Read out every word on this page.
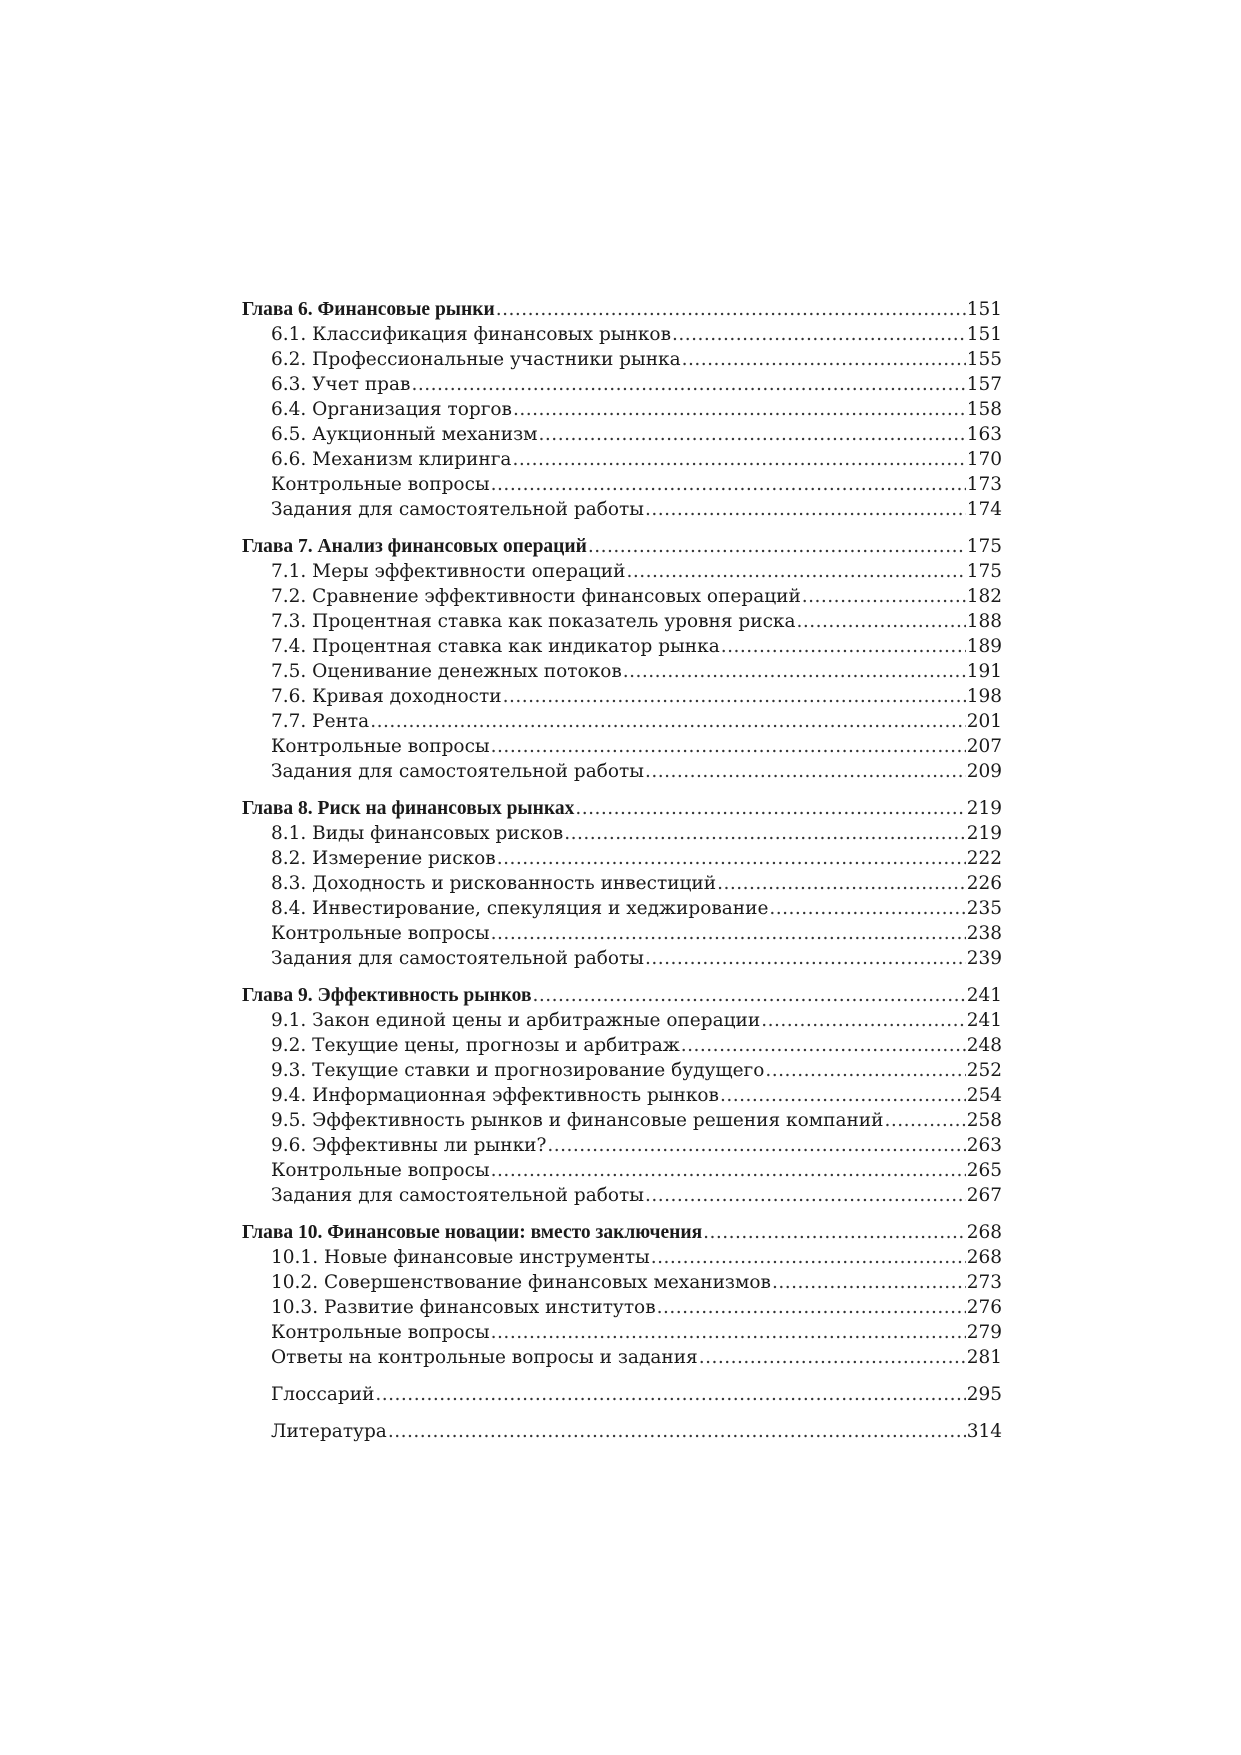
Глава 6. Финансовые рынки .....	151
6.1. Классификация финансовых рынков .....	151
6.2. Профессиональные участники рынка .....	155
6.3. Учет прав .....	157
6.4. Организация торгов .....	158
6.5. Аукционный механизм .....	163
6.6. Механизм клиринга .....	170
Контрольные вопросы .....	173
Задания для самостоятельной работы .....	174
Глава 7. Анализ финансовых операций .....	175
7.1. Меры эффективности операций .....	175
7.2. Сравнение эффективности финансовых операций .....	182
7.3. Процентная ставка как показатель уровня риска .....	188
7.4. Процентная ставка как индикатор рынка .....	189
7.5. Оценивание денежных потоков .....	191
7.6. Кривая доходности .....	198
7.7. Рента .....	201
Контрольные вопросы .....	207
Задания для самостоятельной работы .....	209
Глава 8. Риск на финансовых рынках .....	219
8.1. Виды финансовых рисков .....	219
8.2. Измерение рисков .....	222
8.3. Доходность и рискованность инвестиций .....	226
8.4. Инвестирование, спекуляция и хеджирование .....	235
Контрольные вопросы .....	238
Задания для самостоятельной работы .....	239
Глава 9. Эффективность рынков .....	241
9.1. Закон единой цены и арбитражные операции .....	241
9.2. Текущие цены, прогнозы и арбитраж .....	248
9.3. Текущие ставки и прогнозирование будущего .....	252
9.4. Информационная эффективность рынков .....	254
9.5. Эффективность рынков и финансовые решения компаний .....	258
9.6. Эффективны ли рынки? .....	263
Контрольные вопросы .....	265
Задания для самостоятельной работы .....	267
Глава 10. Финансовые новации: вместо заключения .....	268
10.1. Новые финансовые инструменты .....	268
10.2. Совершенствование финансовых механизмов .....	273
10.3. Развитие финансовых институтов .....	276
Контрольные вопросы .....	279
Ответы на контрольные вопросы и задания .....	281
Глоссарий .....	295
Литература .....	314
